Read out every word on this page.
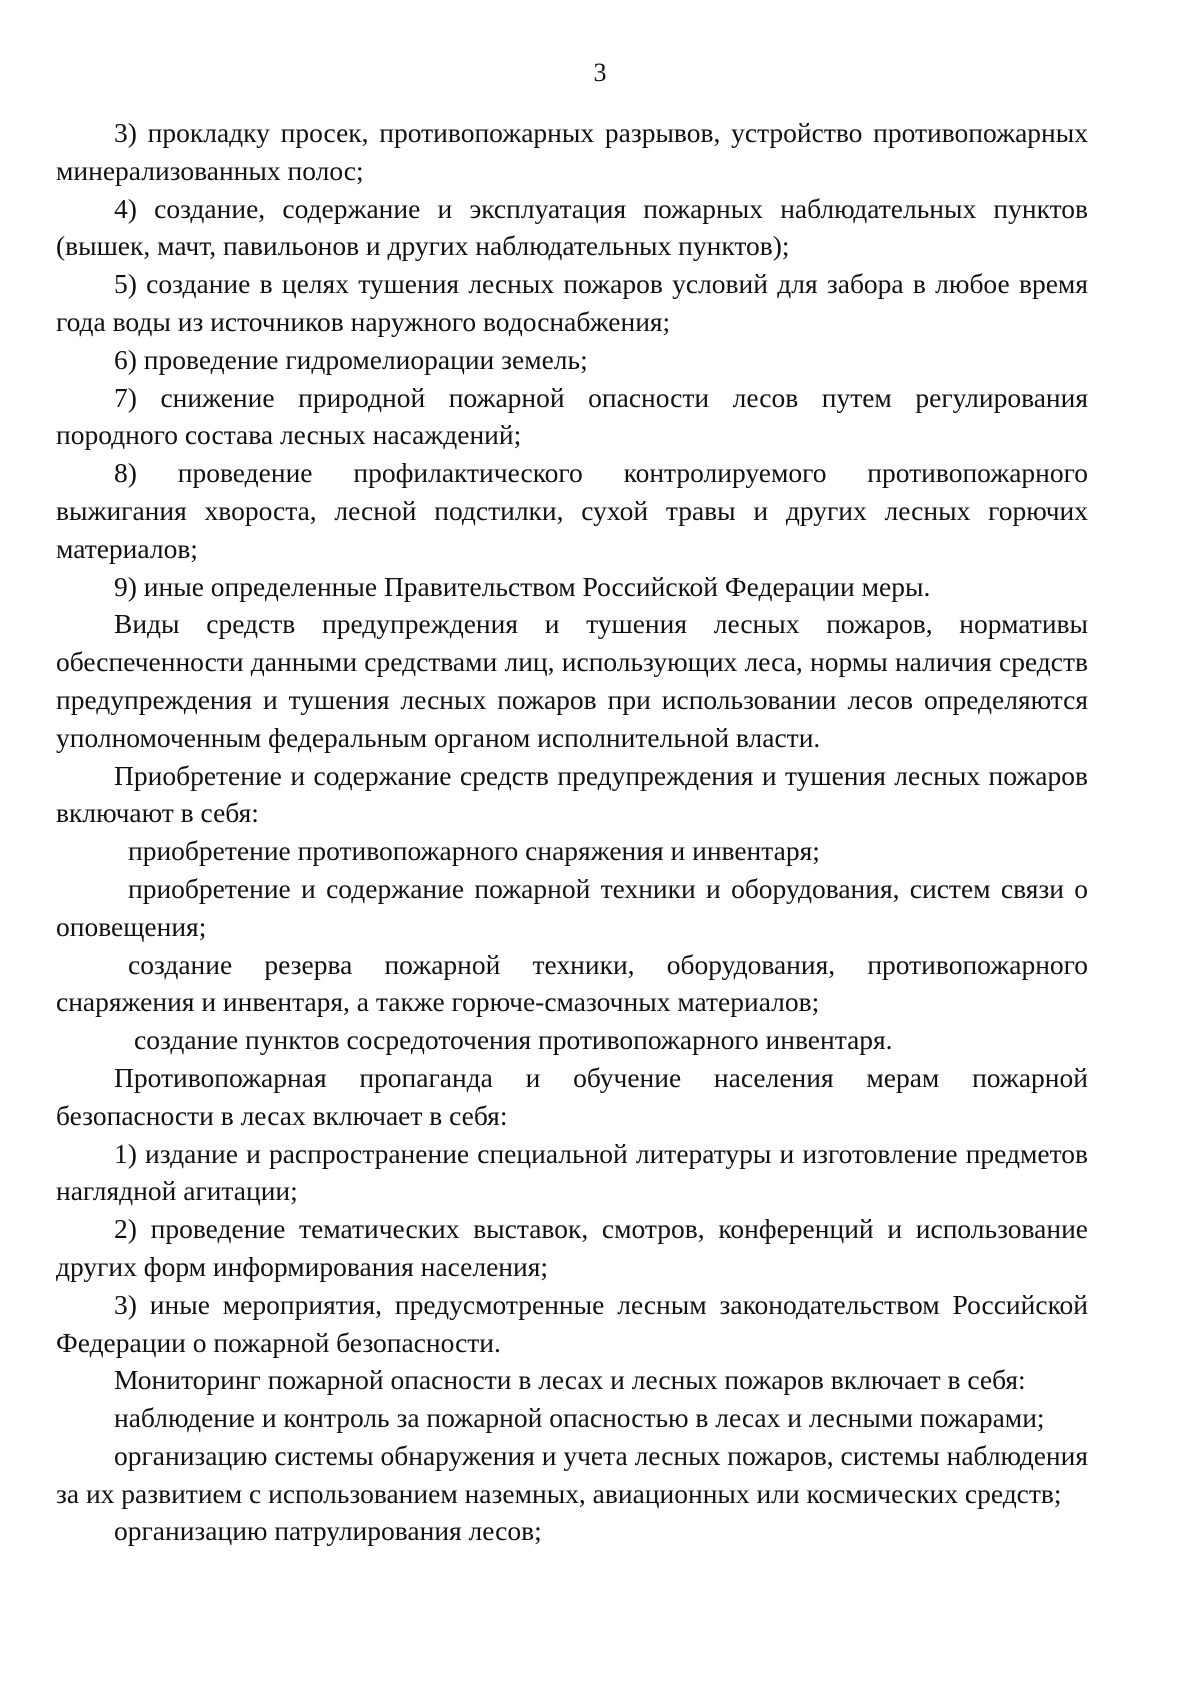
3

3) прокладку просек, противопожарных разрывов, устройство противопожарных минерализованных полос;

4) создание, содержание и эксплуатация пожарных наблюдательных пунктов (вышек, мачт, павильонов и других наблюдательных пунктов);

5) создание в целях тушения лесных пожаров условий для забора в любое время года воды из источников наружного водоснабжения;

6) проведение гидромелиорации земель;

7) снижение природной пожарной опасности лесов путем регулирования породного состава лесных насаждений;

8) проведение профилактического контролируемого противопожарного выжигания хвороста, лесной подстилки, сухой травы и других лесных горючих материалов;

9) иные определенные Правительством Российской Федерации меры.

Виды средств предупреждения и тушения лесных пожаров, нормативы обеспеченности данными средствами лиц, использующих леса, нормы наличия средств предупреждения и тушения лесных пожаров при использовании лесов определяются уполномоченным федеральным органом исполнительной власти.

Приобретение и содержание средств предупреждения и тушения лесных пожаров включают в себя:

приобретение противопожарного снаряжения и инвентаря;

приобретение и содержание пожарной техники и оборудования, систем связи о оповещения;

создание резерва пожарной техники, оборудования, противопожарного снаряжения и инвентаря, а также горюче-смазочных материалов;

создание пунктов сосредоточения противопожарного инвентаря.

Противопожарная пропаганда и обучение населения мерам пожарной безопасности в лесах включает в себя:

1) издание и распространение специальной литературы и изготовление предметов наглядной агитации;

2) проведение тематических выставок, смотров, конференций и использование других форм информирования населения;

3) иные мероприятия, предусмотренные лесным законодательством Российской Федерации о пожарной безопасности.

Мониторинг пожарной опасности в лесах и лесных пожаров включает в себя:

наблюдение и контроль за пожарной опасностью в лесах и лесными пожарами;

организацию системы обнаружения и учета лесных пожаров, системы наблюдения за их развитием с использованием наземных, авиационных или космических средств;

организацию патрулирования лесов;
